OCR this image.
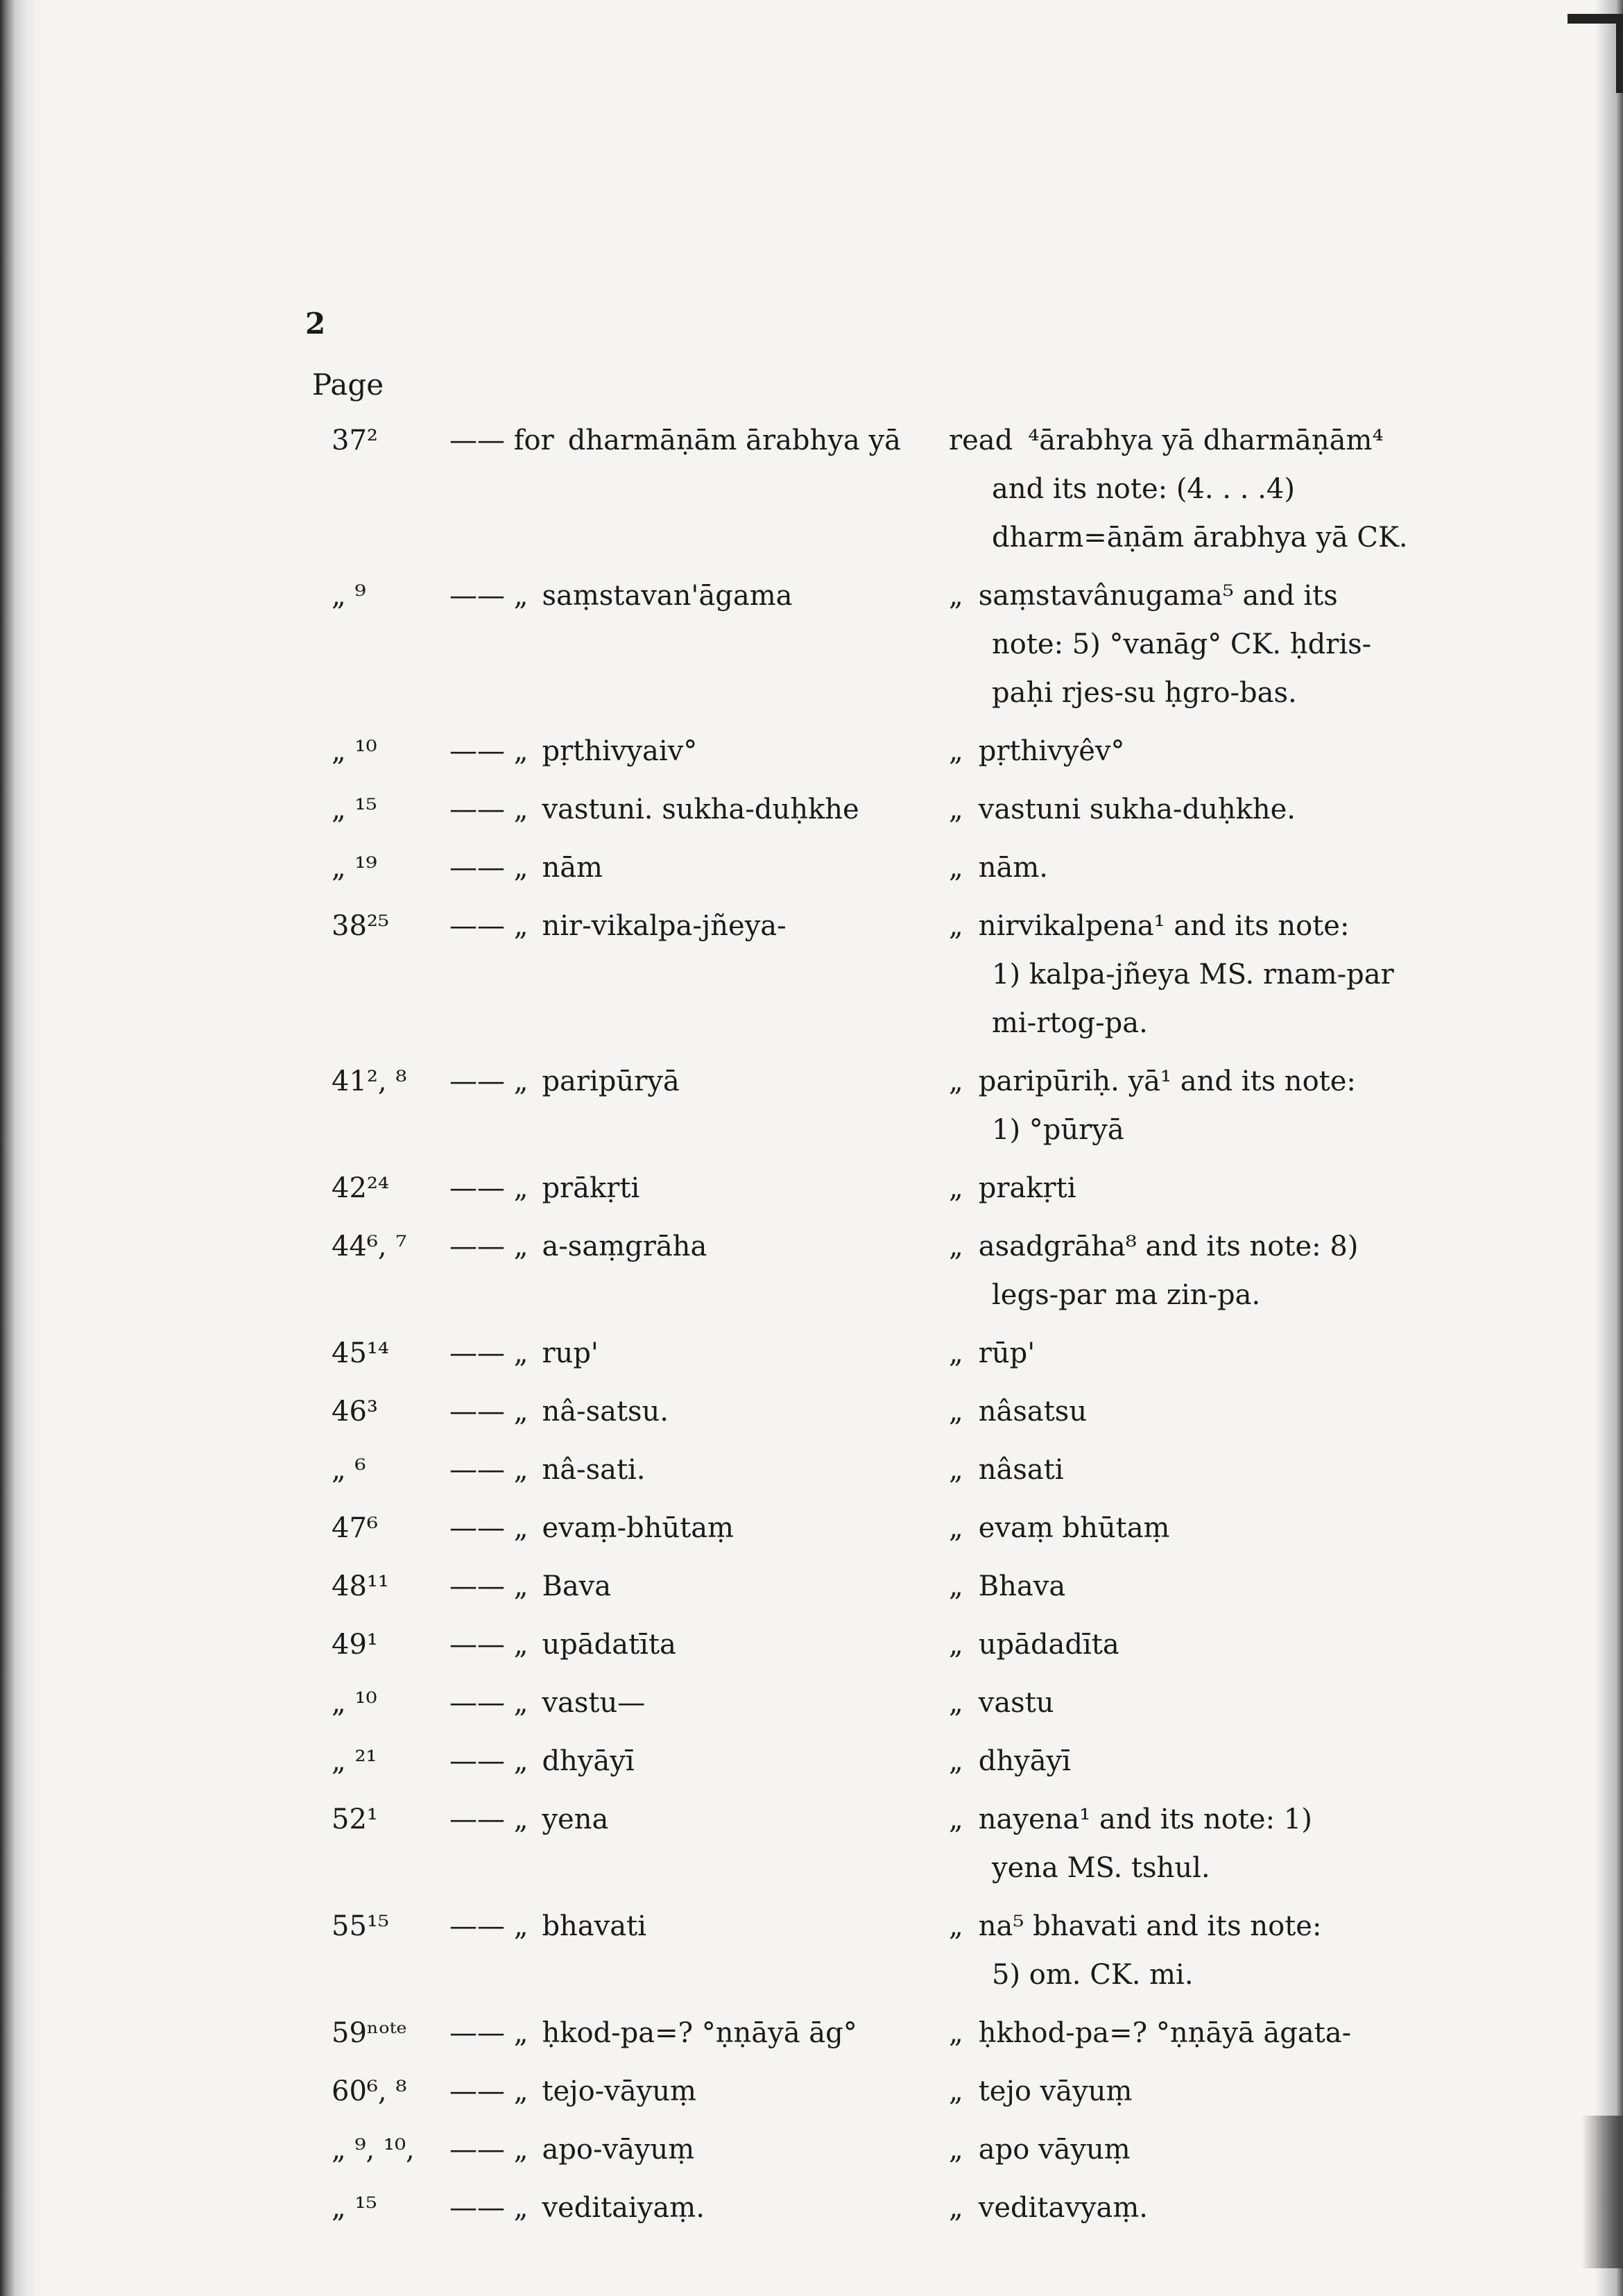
2
Page
37²	—— for dharmāṇām ārabhya yā	read ⁴ārabhya yā dharmāṇām⁴
and its note: (4. . . .4) dharm=āṇām ārabhya yā CK.
„ ⁹	—— „ saṃstavan'āgama	„ saṃstavânugama⁵ and its
note: 5) °vanāg° CK. ḥdris-paḥi rjes-su ḥgro-bas.
„ ¹⁰	—— „ pṛthivyaiv°	„ pṛthivyêv°
„ ¹⁵	—— „ vastuni. sukha-duḥkhe	„ vastuni sukha-duḥkhe.
„ ¹⁹	—— „ nām	„ nām.
38²⁵	—— „ nir-vikalpa-jñeya-	„ nirvikalpena¹ and its note:
1) kalpa-jñeya MS. rnam-par mi-rtog-pa.
41², ⁸	—— „ paripūryā	„ paripūriḥ. yā¹ and its note:
1) °pūryā
42²⁴	—— „ prākṛti	„ prakṛti
44⁶, ⁷	—— „ a-saṃgrāha	„ asadgrāha⁸ and its note: 8)
legs-par ma zin-pa.
45¹⁴	—— „ rup'	„ rūp'
46³	—— „ nâ-satsu.	„ nâsatsu
„ ⁶	—— „ nâ-sati.	„ nâsati
47⁶	—— „ evaṃ-bhūtaṃ	„ evaṃ bhūtaṃ
48¹¹	—— „ Bava	„ Bhava
49¹	—— „ upādatīta	„ upādadīta
„ ¹⁰	—— „ vastu—	„ vastu
„ ²¹	—— „ dhyāyī	„ dhyāyī
52¹	—— „ yena	„ nayena¹ and its note: 1)
yena MS. tshul.
55¹⁵	—— „ bhavati	„ na⁵ bhavati and its note:
5) om. CK. mi.
59ⁿᵒᵗᵉ	—— „ ḥkod-pa=? °ṇṇāyā āg°	„ ḥkhod-pa=? °ṇṇāyā āgata-
60⁶, ⁸	—— „ tejo-vāyuṃ	„ tejo vāyuṃ
„ ⁹, ¹⁰,	—— „ apo-vāyuṃ	„ apo vāyuṃ
„ ¹⁵	—— „ veditaiyaṃ.	„ veditavyaṃ.
